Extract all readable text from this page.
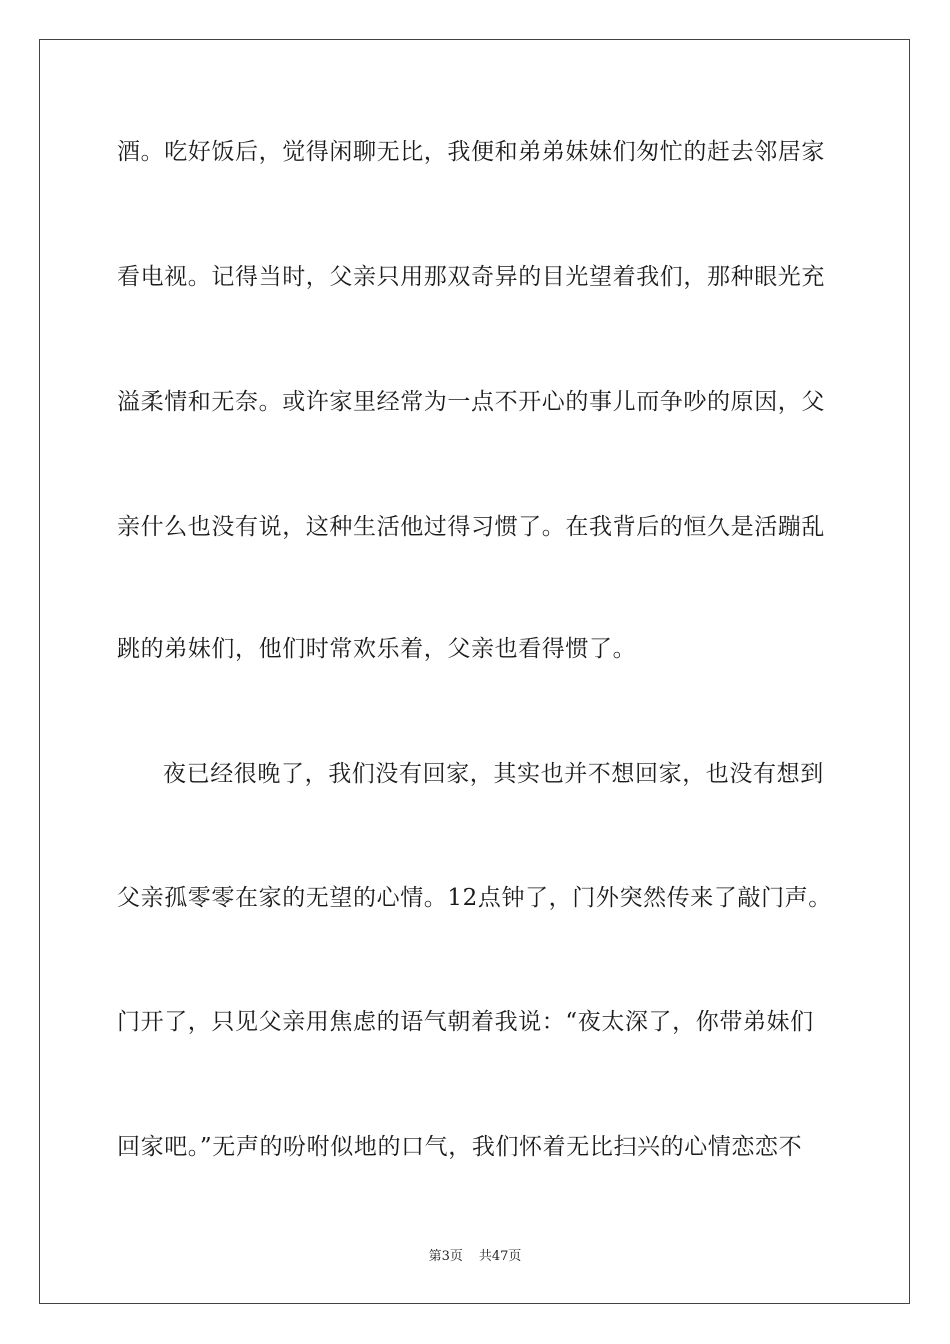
酒。吃好饭后，觉得闲聊无比，我便和弟弟妹妹们匆忙的赶去邻居家
看电视。记得当时，父亲只用那双奇异的目光望着我们，那种眼光充
溢柔情和无奈。或许家里经常为一点不开心的事儿而争吵的原因，父
亲什么也没有说，这种生活他过得习惯了。在我背后的恒久是活蹦乱
跳的弟妹们，他们时常欢乐着，父亲也看得惯了。
夜已经很晚了，我们没有回家，其实也并不想回家，也没有想到
父亲孤零零在家的无望的心情。12点钟了，门外突然传来了敲门声。
门开了，只见父亲用焦虑的语气朝着我说：“夜太深了，你带弟妹们
回家吧。”无声的吩咐似地的口气，我们怀着无比扫兴的心情恋恋不
第3页 共47页
